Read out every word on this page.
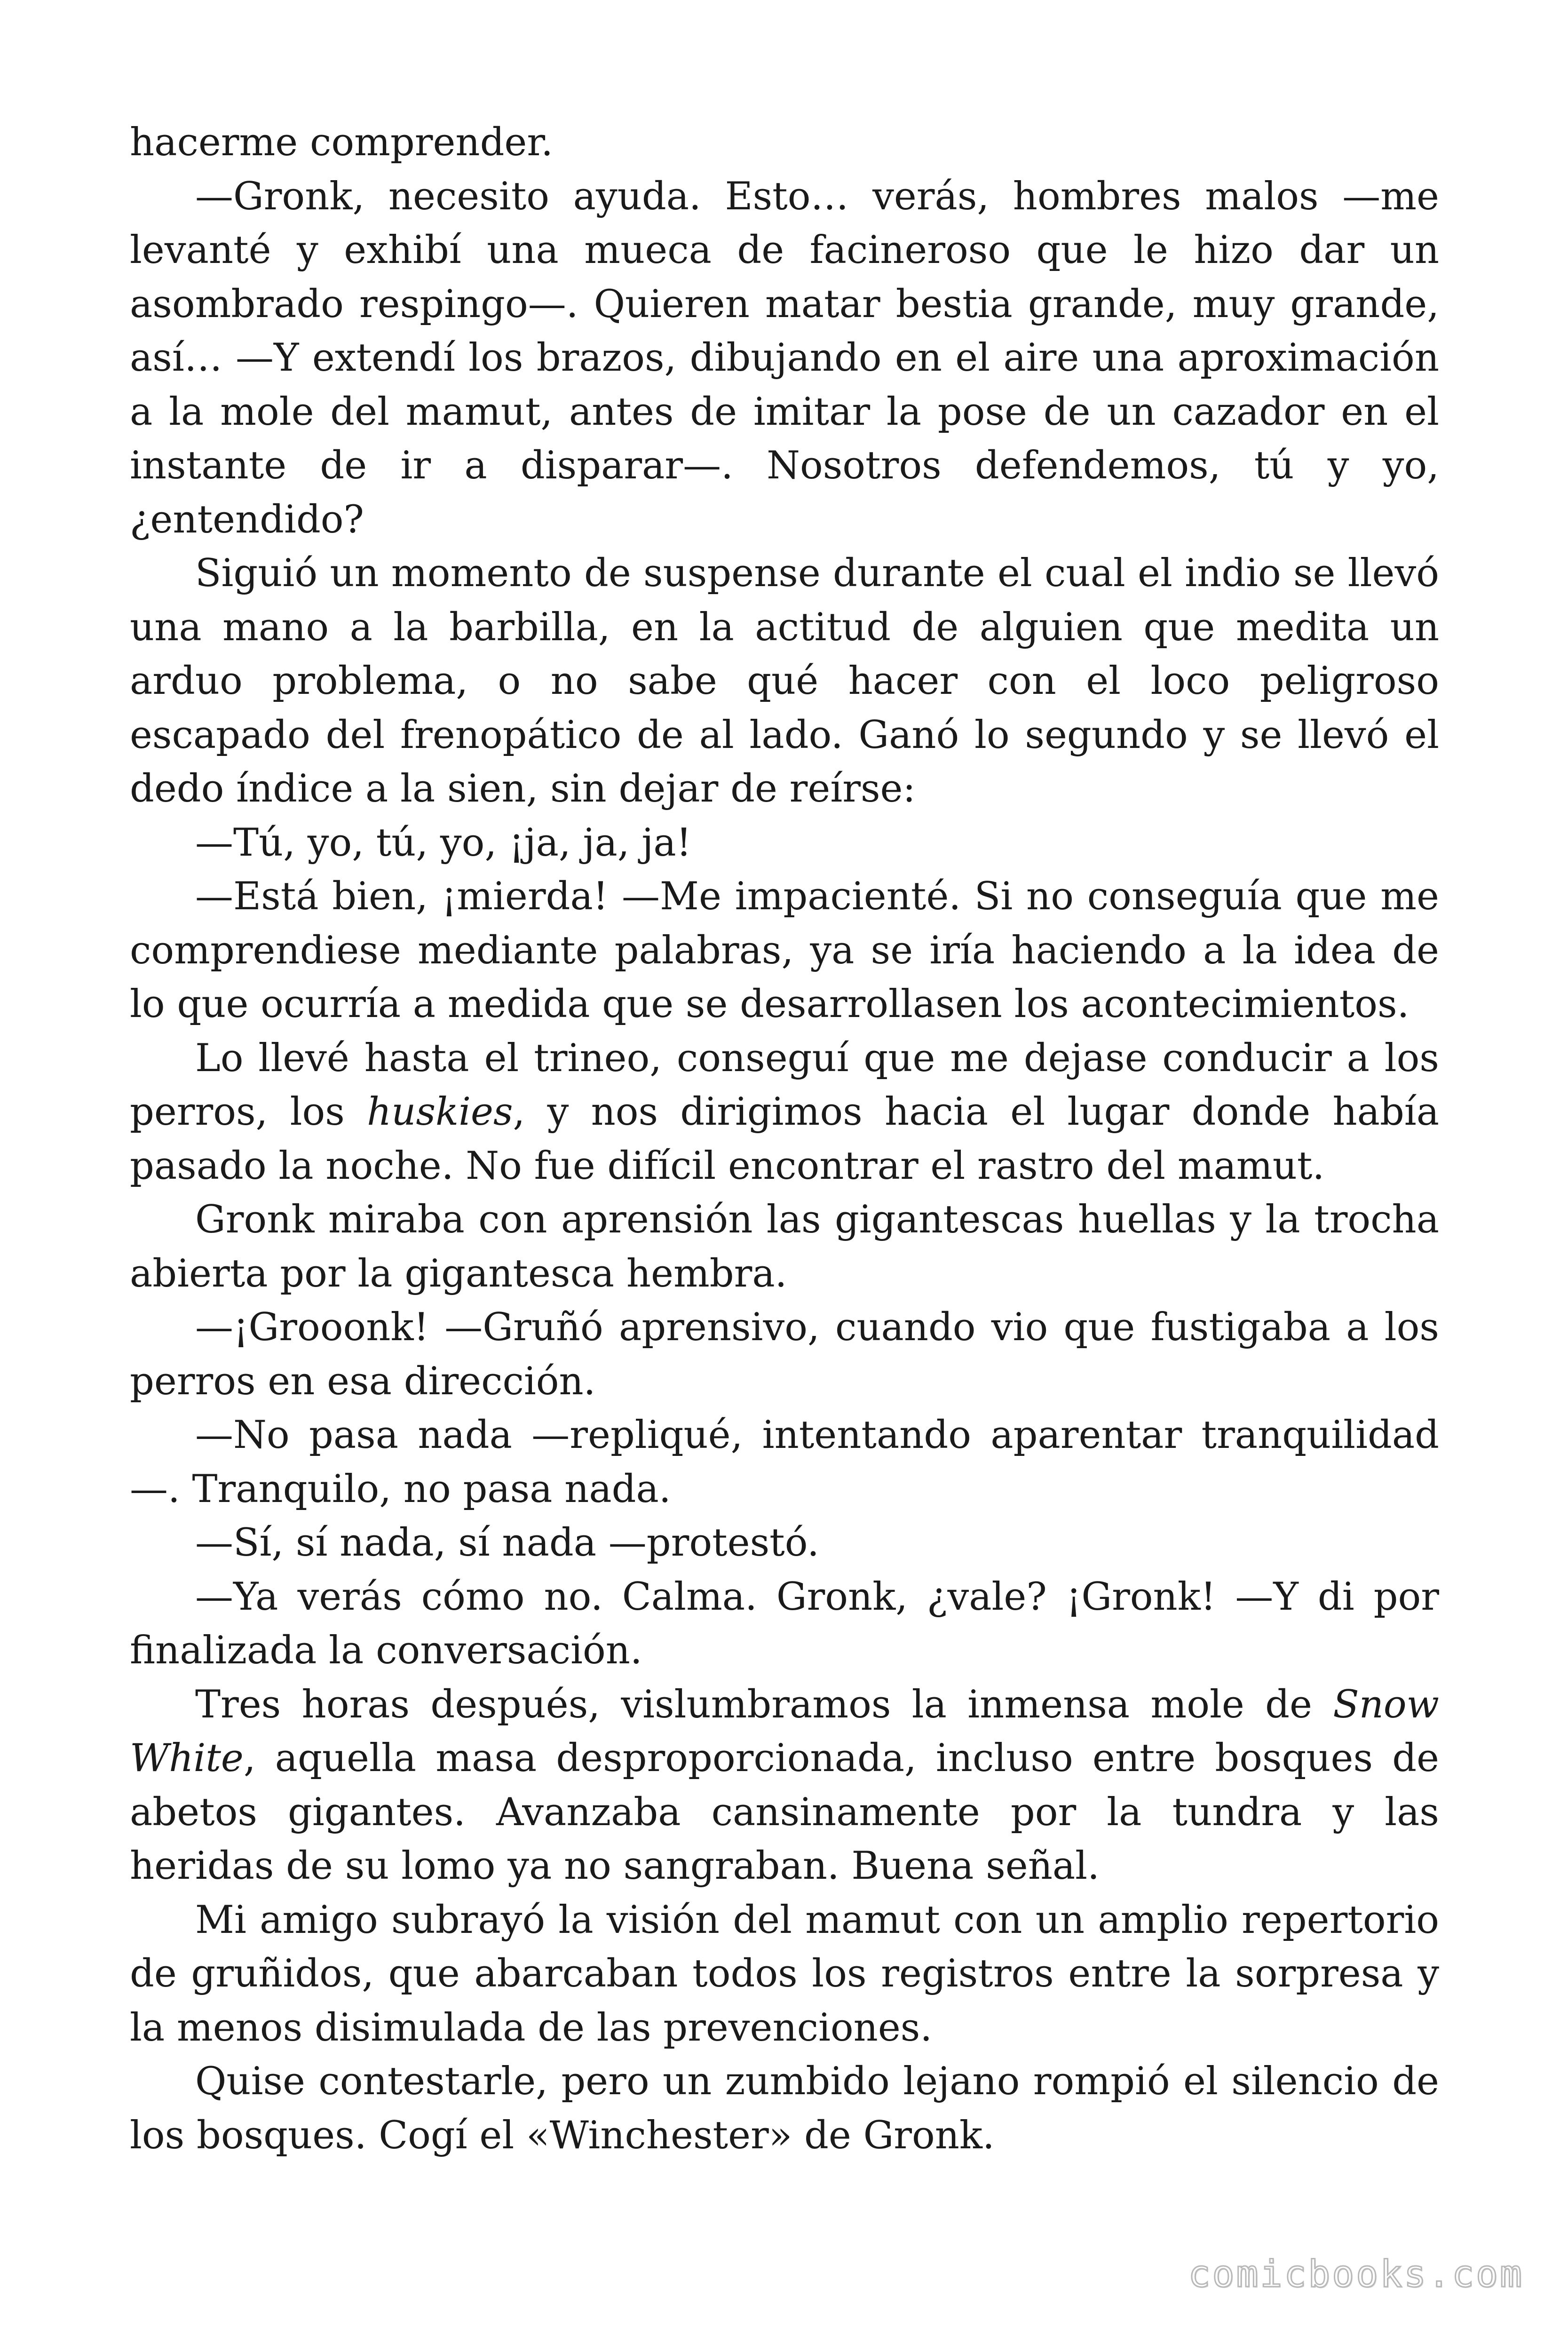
hacerme comprender.

—Gronk, necesito ayuda. Esto… verás, hombres malos —me levanté y exhibí una mueca de facineroso que le hizo dar un asombrado respingo—. Quieren matar bestia grande, muy grande, así… —Y extendí los brazos, dibujando en el aire una aproximación a la mole del mamut, antes de imitar la pose de un cazador en el instante de ir a disparar—. Nosotros defendemos, tú y yo, ¿entendido?

Siguió un momento de suspense durante el cual el indio se llevó una mano a la barbilla, en la actitud de alguien que medita un arduo problema, o no sabe qué hacer con el loco peligroso escapado del frenopático de al lado. Ganó lo segundo y se llevó el dedo índice a la sien, sin dejar de reírse:

—Tú, yo, tú, yo, ¡ja, ja, ja!

—Está bien, ¡mierda! —Me impacienté. Si no conseguía que me comprendiese mediante palabras, ya se iría haciendo a la idea de lo que ocurría a medida que se desarrollasen los acontecimientos.

Lo llevé hasta el trineo, conseguí que me dejase conducir a los perros, los huskies, y nos dirigimos hacia el lugar donde había pasado la noche. No fue difícil encontrar el rastro del mamut.

Gronk miraba con aprensión las gigantescas huellas y la trocha abierta por la gigantesca hembra.

—¡Grooonk! —Gruñó aprensivo, cuando vio que fustigaba a los perros en esa dirección.

—No pasa nada —repliqué, intentando aparentar tranquilidad —. Tranquilo, no pasa nada.

—Sí, sí nada, sí nada —protestó.

—Ya verás cómo no. Calma. Gronk, ¿vale? ¡Gronk! —Y di por finalizada la conversación.

Tres horas después, vislumbramos la inmensa mole de Snow White, aquella masa desproporcionada, incluso entre bosques de abetos gigantes. Avanzaba cansinamente por la tundra y las heridas de su lomo ya no sangraban. Buena señal.

Mi amigo subrayó la visión del mamut con un amplio repertorio de gruñidos, que abarcaban todos los registros entre la sorpresa y la menos disimulada de las prevenciones.

Quise contestarle, pero un zumbido lejano rompió el silencio de los bosques. Cogí el «Winchester» de Gronk.

comicbooks.com
